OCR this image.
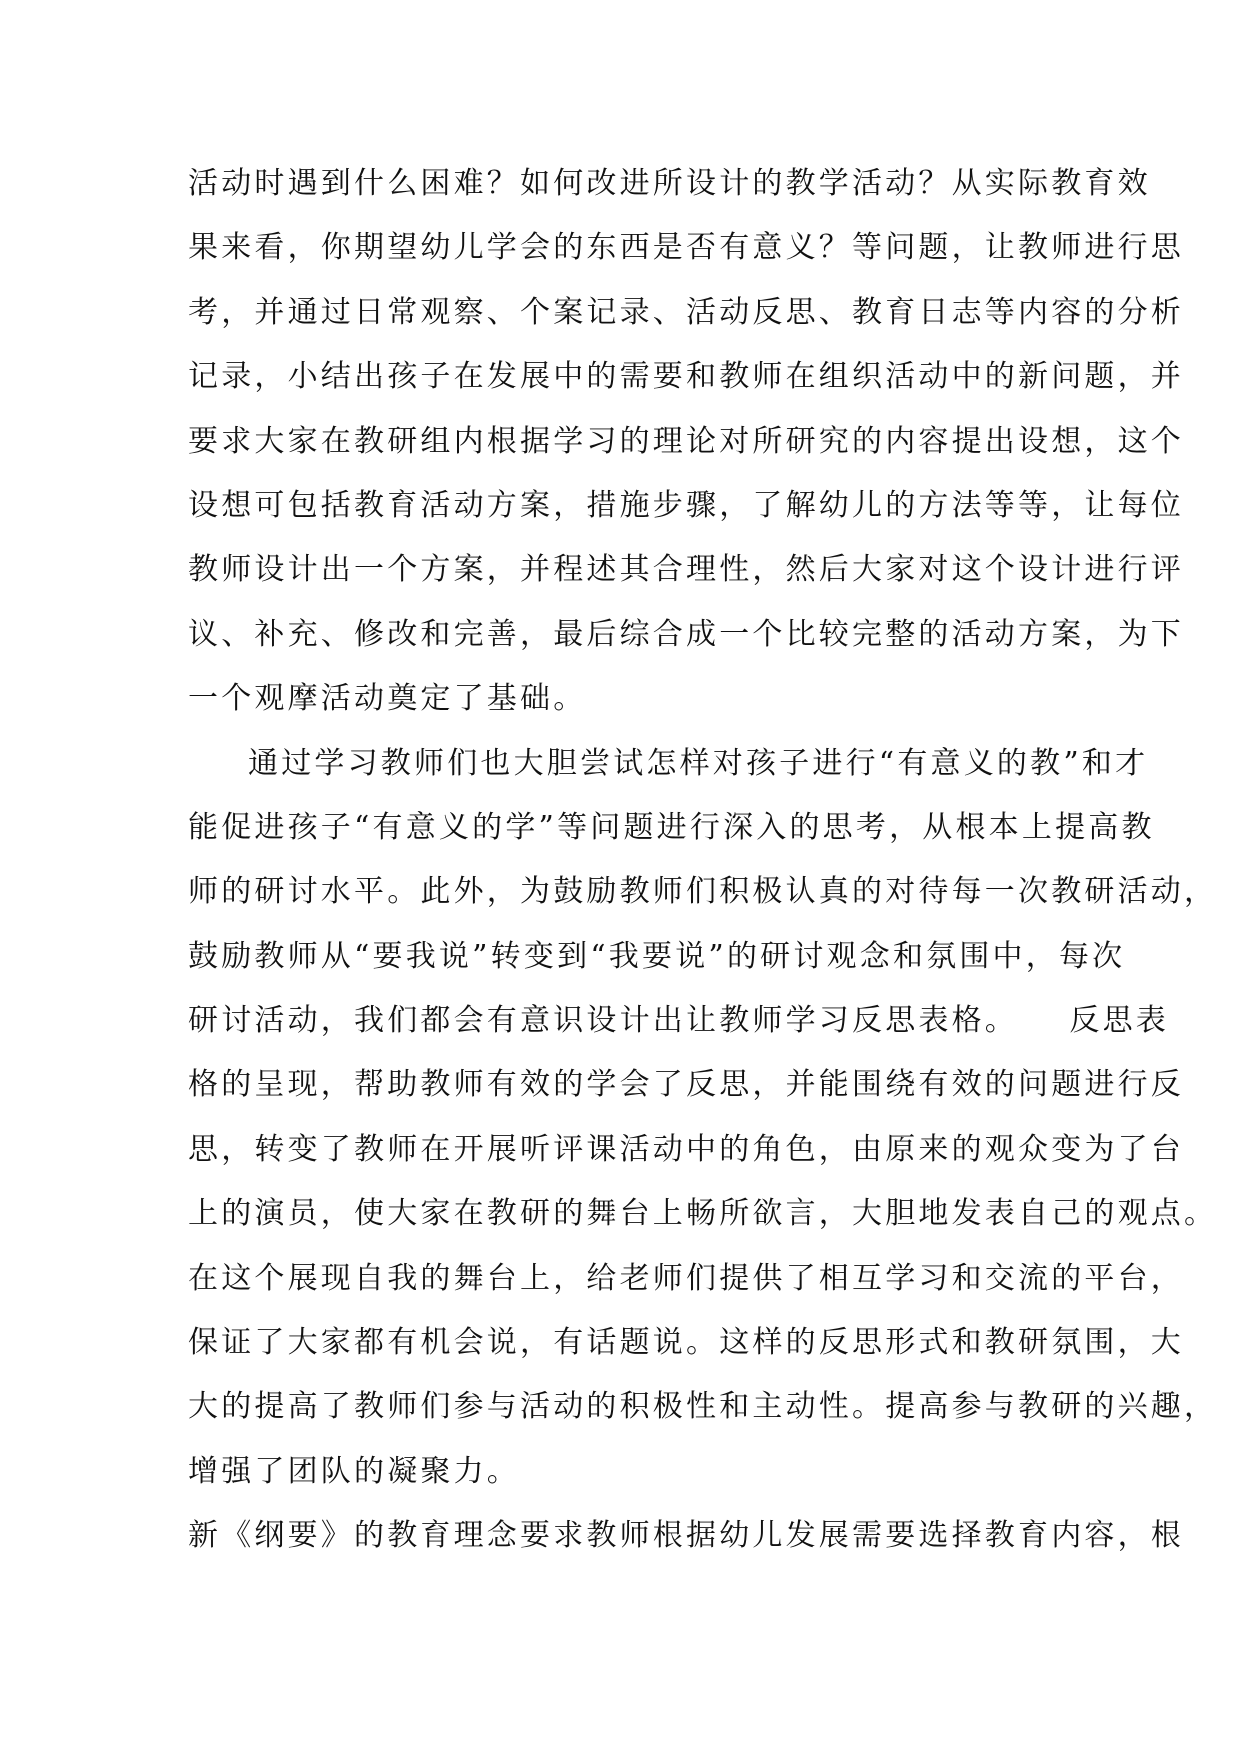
活动时遇到什么困难？如何改进所设计的教学活动？从实际教育效
果来看，你期望幼儿学会的东西是否有意义？等问题，让教师进行思
考，并通过日常观察、个案记录、活动反思、教育日志等内容的分析
记录，小结出孩子在发展中的需要和教师在组织活动中的新问题，并
要求大家在教研组内根据学习的理论对所研究的内容提出设想，这个
设想可包括教育活动方案，措施步骤，了解幼儿的方法等等，让每位
教师设计出一个方案，并程述其合理性，然后大家对这个设计进行评
议、补充、修改和完善，最后综合成一个比较完整的活动方案，为下
一个观摩活动奠定了基础。
通过学习教师们也大胆尝试怎样对孩子进行“有意义的教”和才
能促进孩子“有意义的学”等问题进行深入的思考，从根本上提高教
师的研讨水平。此外，为鼓励教师们积极认真的对待每一次教研活动，
鼓励教师从“要我说”转变到“我要说”的研讨观念和氛围中，每次
研讨活动，我们都会有意识设计出让教师学习反思表格。　　反思表
格的呈现，帮助教师有效的学会了反思，并能围绕有效的问题进行反
思，转变了教师在开展听评课活动中的角色，由原来的观众变为了台
上的演员，使大家在教研的舞台上畅所欲言，大胆地发表自己的观点。
在这个展现自我的舞台上，给老师们提供了相互学习和交流的平台，
保证了大家都有机会说，有话题说。这样的反思形式和教研氛围，大
大的提高了教师们参与活动的积极性和主动性。提高参与教研的兴趣，
增强了团队的凝聚力。
新《纲要》的教育理念要求教师根据幼儿发展需要选择教育内容，根
